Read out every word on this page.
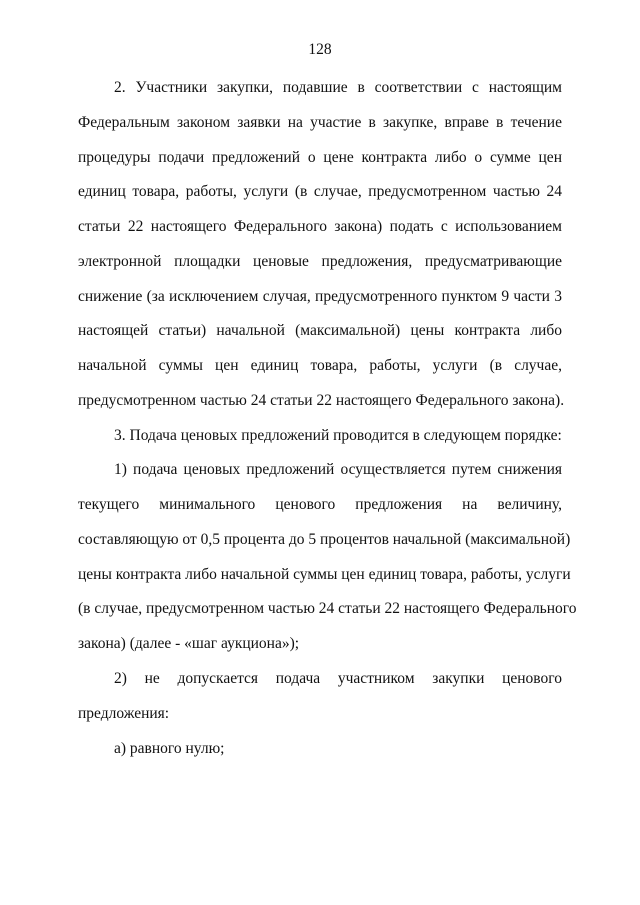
128
2. Участники закупки, подавшие в соответствии с настоящим
Федеральным законом заявки на участие в закупке, вправе в течение
процедуры подачи предложений о цене контракта либо о сумме цен
единиц товара, работы, услуги (в случае, предусмотренном частью 24
статьи 22 настоящего Федерального закона) подать с использованием
электронной площадки ценовые предложения, предусматривающие
снижение (за исключением случая, предусмотренного пунктом 9 части 3
настоящей статьи) начальной (максимальной) цены контракта либо
начальной суммы цен единиц товара, работы, услуги (в случае,
предусмотренном частью 24 статьи 22 настоящего Федерального закона).
3. Подача ценовых предложений проводится в следующем порядке:
1) подача ценовых предложений осуществляется путем снижения
текущего минимального ценового предложения на величину,
составляющую от 0,5 процента до 5 процентов начальной (максимальной)
цены контракта либо начальной суммы цен единиц товара, работы, услуги
(в случае, предусмотренном частью 24 статьи 22 настоящего Федерального
закона) (далее - «шаг аукциона»);
2) не допускается подача участником закупки ценового
предложения:
а) равного нулю;
